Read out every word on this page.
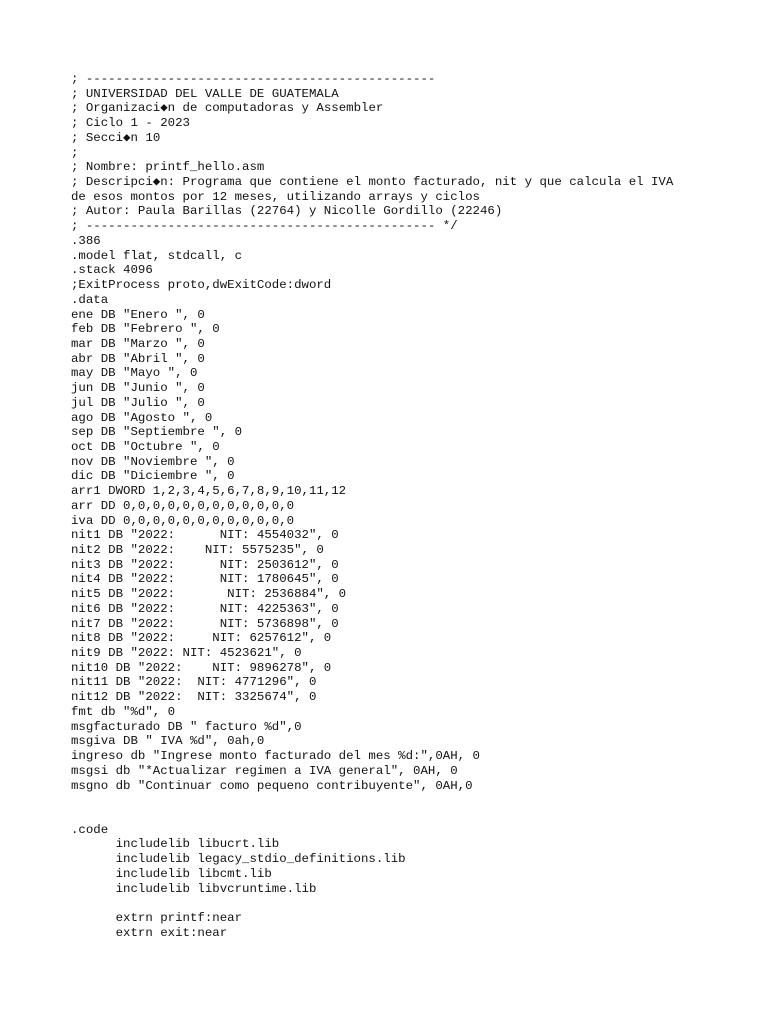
; -----------------------------------------------
; UNIVERSIDAD DEL VALLE DE GUATEMALA
; Organizaci◆n de computadoras y Assembler
; Ciclo 1 - 2023
; Secci◆n 10
;
; Nombre: printf_hello.asm
; Descripci◆n: Programa que contiene el monto facturado, nit y que calcula el IVA
de esos montos por 12 meses, utilizando arrays y ciclos
; Autor: Paula Barillas (22764) y Nicolle Gordillo (22246)
; ----------------------------------------------- */
.386
.model flat, stdcall, c
.stack 4096
;ExitProcess proto,dwExitCode:dword
.data
ene DB "Enero ", 0
feb DB "Febrero ", 0
mar DB "Marzo ", 0
abr DB "Abril ", 0
may DB "Mayo ", 0
jun DB "Junio ", 0
jul DB "Julio ", 0
ago DB "Agosto ", 0
sep DB "Septiembre ", 0
oct DB "Octubre ", 0
nov DB "Noviembre ", 0
dic DB "Diciembre ", 0
arr1 DWORD 1,2,3,4,5,6,7,8,9,10,11,12
arr DD 0,0,0,0,0,0,0,0,0,0,0,0
iva DD 0,0,0,0,0,0,0,0,0,0,0,0
nit1 DB "2022:      NIT: 4554032", 0
nit2 DB "2022:    NIT: 5575235", 0
nit3 DB "2022:      NIT: 2503612", 0
nit4 DB "2022:      NIT: 1780645", 0
nit5 DB "2022:       NIT: 2536884", 0
nit6 DB "2022:      NIT: 4225363", 0
nit7 DB "2022:      NIT: 5736898", 0
nit8 DB "2022:     NIT: 6257612", 0
nit9 DB "2022: NIT: 4523621", 0
nit10 DB "2022:    NIT: 9896278", 0
nit11 DB "2022:  NIT: 4771296", 0
nit12 DB "2022:  NIT: 3325674", 0
fmt db "%d", 0
msgfacturado DB " facturo %d",0
msgiva DB " IVA %d", 0ah,0
ingreso db "Ingrese monto facturado del mes %d:",0AH, 0
msgsi db "*Actualizar regimen a IVA general", 0AH, 0
msgno db "Continuar como pequeno contribuyente", 0AH,0
.code
includelib libucrt.lib
includelib legacy_stdio_definitions.lib
includelib libcmt.lib
includelib libvcruntime.lib
extrn printf:near
extrn exit:near
